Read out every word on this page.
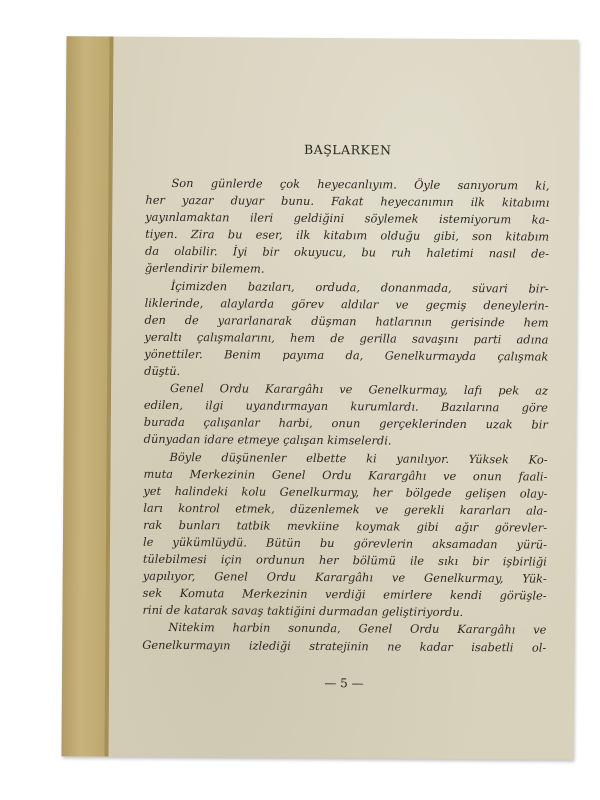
BAŞLARKEN
Son günlerde çok heyecanlıyım. Öyle sanıyorum ki,
her yazar duyar bunu. Fakat heyecanımın ilk kitabımı
yayınlamaktan ileri geldiğini söylemek istemiyorum ka-
tiyen. Zira bu eser, ilk kitabım olduğu gibi, son kitabım
da olabilir. İyi bir okuyucu, bu ruh haletimi nasıl de-
ğerlendirir bilemem.
İçimizden bazıları, orduda, donanmada, süvari bir-
liklerinde, alaylarda görev aldılar ve geçmiş deneylerin-
den de yararlanarak düşman hatlarının gerisinde hem
yeraltı çalışmalarını, hem de gerilla savaşını parti adına
yönettiler. Benim payıma da, Genelkurmayda çalışmak
düştü.
Genel Ordu Karargâhı ve Genelkurmay, lafı pek az
edilen, ilgi uyandırmayan kurumlardı. Bazılarına göre
burada çalışanlar harbi, onun gerçeklerinden uzak bir
dünyadan idare etmeye çalışan kimselerdi.
Böyle düşünenler elbette ki yanılıyor. Yüksek Ko-
muta Merkezinin Genel Ordu Karargâhı ve onun faali-
yet halindeki kolu Genelkurmay, her bölgede gelişen olay-
ları kontrol etmek, düzenlemek ve gerekli kararları ala-
rak bunları tatbik mevkiine koymak gibi ağır görevler-
le yükümlüydü. Bütün bu görevlerin aksamadan yürü-
tülebilmesi için ordunun her bölümü ile sıkı bir işbirliği
yapılıyor, Genel Ordu Karargâhı ve Genelkurmay, Yük-
sek Komuta Merkezinin verdiği emirlere kendi görüşle-
rini de katarak savaş taktiğini durmadan geliştiriyordu.
Nitekim harbin sonunda, Genel Ordu Karargâhı ve
Genelkurmayın izlediği stratejinin ne kadar isabetli ol-
— 5 —
